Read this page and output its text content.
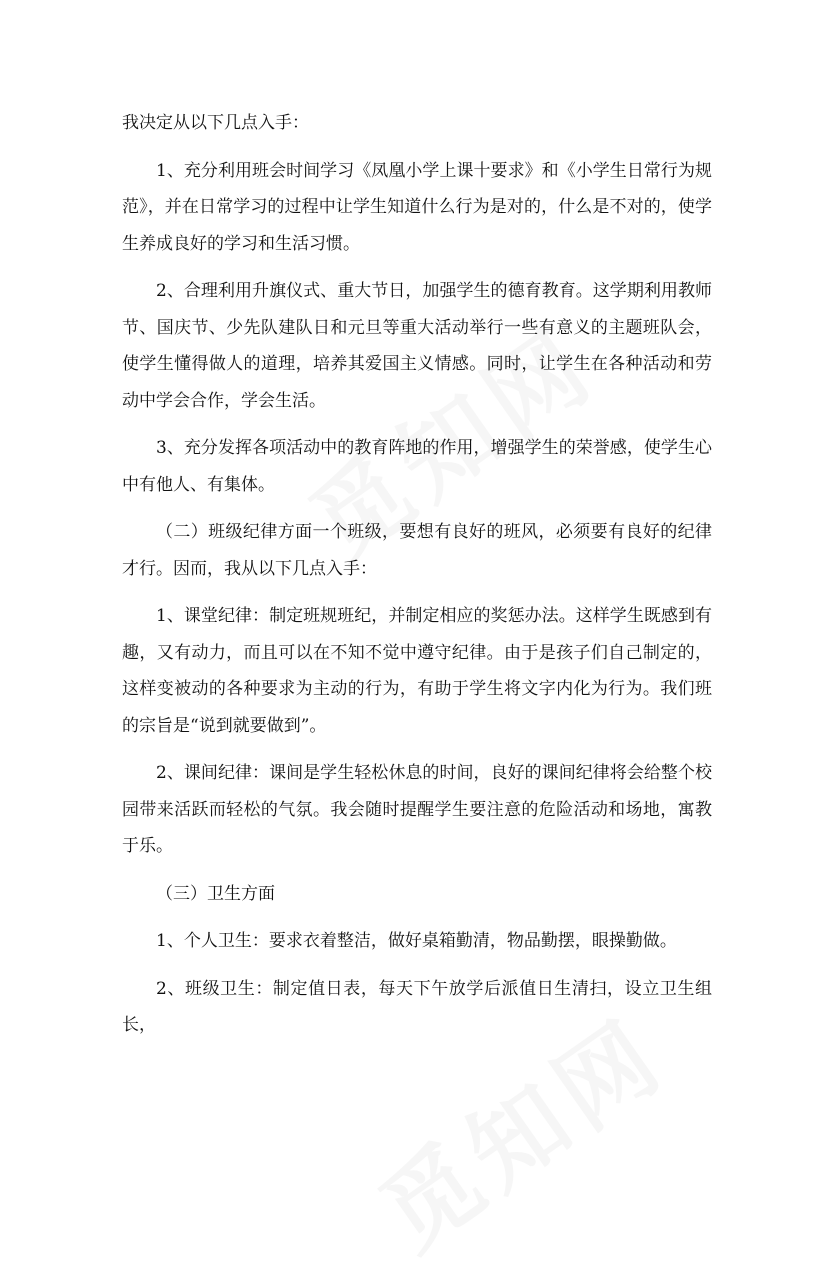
我决定从以下几点入手：

1、充分利用班会时间学习《凤凰小学上课十要求》和《小学生日常行为规范》，并在日常学习的过程中让学生知道什么行为是对的，什么是不对的，使学生养成良好的学习和生活习惯。

2、合理利用升旗仪式、重大节日，加强学生的德育教育。这学期利用教师节、国庆节、少先队建队日和元旦等重大活动举行一些有意义的主题班队会，使学生懂得做人的道理，培养其爱国主义情感。同时，让学生在各种活动和劳动中学会合作，学会生活。

3、充分发挥各项活动中的教育阵地的作用，增强学生的荣誉感，使学生心中有他人、有集体。

（二）班级纪律方面一个班级，要想有良好的班风，必须要有良好的纪律才行。因而，我从以下几点入手：

1、课堂纪律：制定班规班纪，并制定相应的奖惩办法。这样学生既感到有趣，又有动力，而且可以在不知不觉中遵守纪律。由于是孩子们自己制定的，这样变被动的各种要求为主动的行为，有助于学生将文字内化为行为。我们班的宗旨是“说到就要做到”。

2、课间纪律：课间是学生轻松休息的时间，良好的课间纪律将会给整个校园带来活跃而轻松的气氛。我会随时提醒学生要注意的危险活动和场地，寓教于乐。

（三）卫生方面

1、个人卫生：要求衣着整洁，做好桌箱勤清，物品勤摆，眼操勤做。

2、班级卫生：制定值日表，每天下午放学后派值日生清扫，设立卫生组长，
